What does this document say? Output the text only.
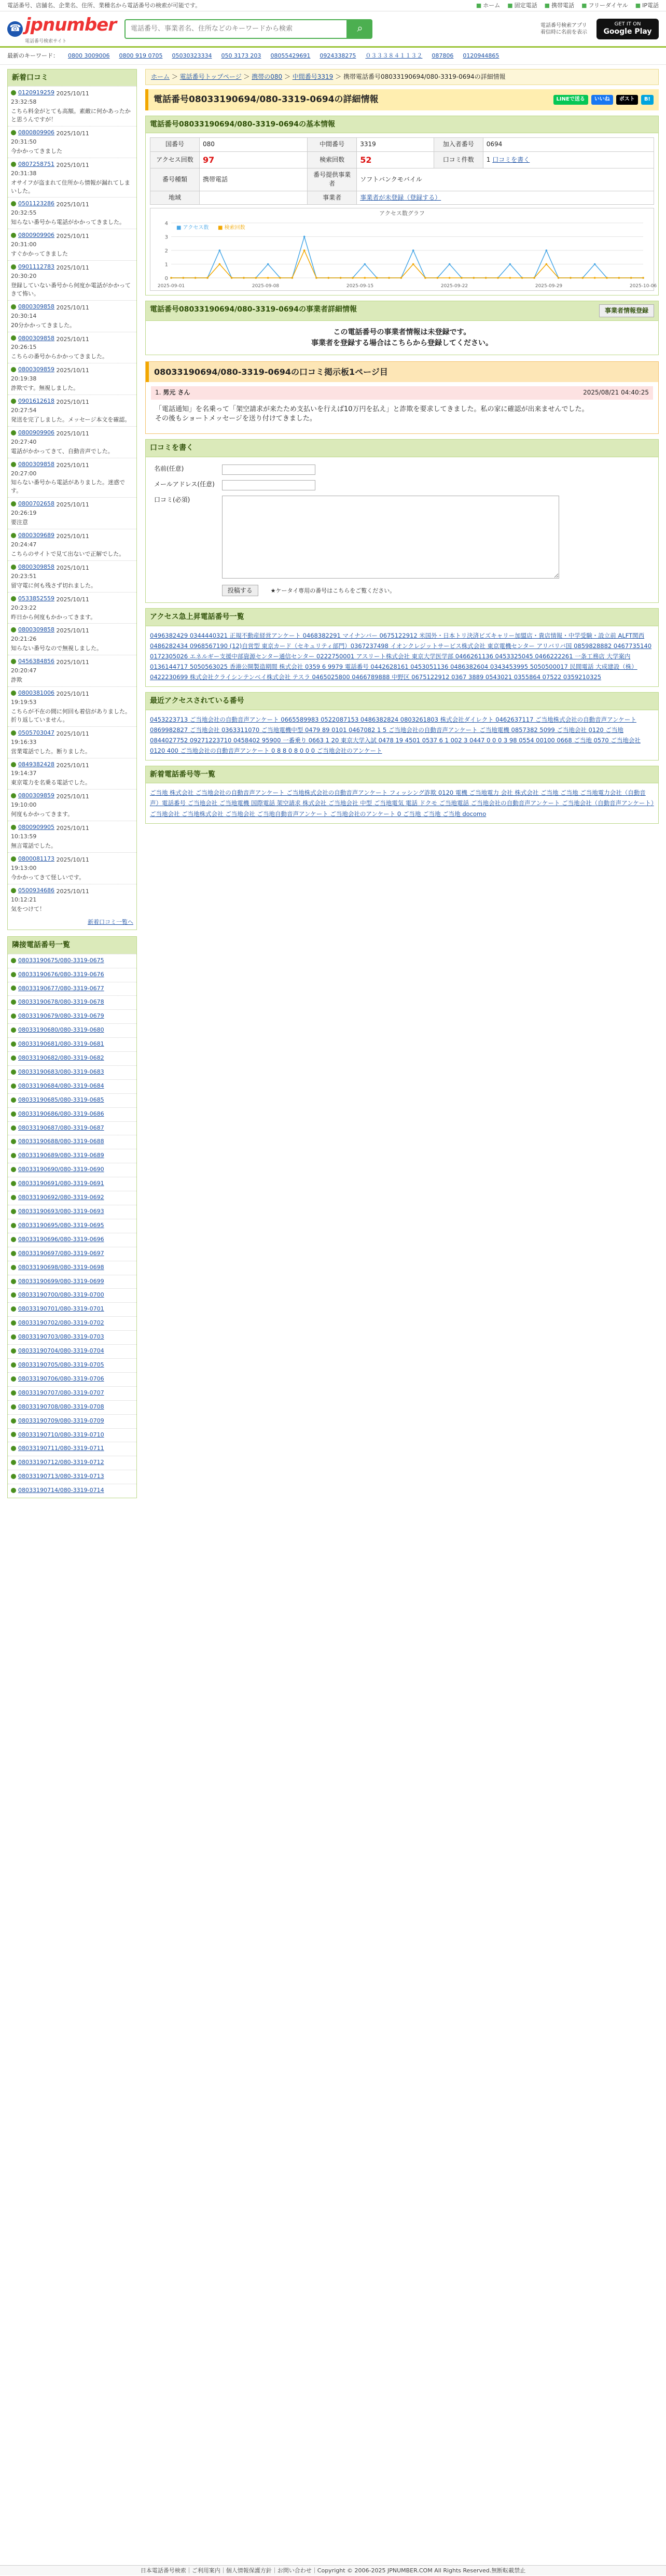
電話番号、店舗名、企業名、住所、業種名から電話番号の検索が可能です。	■ ホーム ■ 固定電話 ■ 携帯電話 ■ フリーダイヤル ■ IP電話
☎ jpnumber
電話番号検索サイト
電話番号、事業者名、住所などのキーワードから検索
⌕	電話番号検索アプリ 着信時に名前を表示
GET IT ON
Google Play
最新のキーワード： 0800 3009006 0800 919 0705 05030323334 050 3173 203 08055429691 0924338275 ０３３３８４１１３２ 087806 0120944865
新着口コミ
0120919259 2025/10/11
23:32:58
こちら料金がとても高額。素敵に何かあったかと思うんですが！
0800809906 2025/10/11
20:31:50
今かかってきました
0807258751 2025/10/11
20:31:38
オサイフが盗まれて住所から情報が漏れてしまいした。
0501123286 2025/10/11
20:32:55
知らない番号から電話がかかってきました。
0800909906 2025/10/11
20:31:00
すぐかかってきました
0901112783 2025/10/11
20:30:20
登録していない番号から何度か電話がかかってきて怖い。
0800309858 2025/10/11
20:30:14
20分かかってきました。
0800309858 2025/10/11
20:26:15
こちらの番号からかかってきました。
0800309859 2025/10/11
20:19:38
詐欺です。無視しました。
0901612618 2025/10/11
20:27:54
発送を完了しました。メッセージ本文を確認。
0800909906 2025/10/11
20:27:40
電話がかかってきて、自動音声でした。
0800309858 2025/10/11
20:27:00
知らない番号から電話がありました。迷惑です。
0800702658 2025/10/11
20:26:19
要注意
0800309689 2025/10/11
20:24:47
こちらのサイトで見て出ないで正解でした。
0800309858 2025/10/11
20:23:51
留守電に何も残さず切れました。
0533852559 2025/10/11
20:23:22
昨日から何度もかかってきます。
0800309858 2025/10/11
20:21:26
知らない番号なので無視しました。
0456384856 2025/10/11
20:20:47
詐欺
0800381006 2025/10/11
19:19:53
こちらが不在の間に何回も着信がありました。折り返していません。
0505703047 2025/10/11
19:16:33
営業電話でした。断りました。
0849382428 2025/10/11
19:14:37
東京電力を名乗る電話でした。
0800309859 2025/10/11
19:10:00
何度もかかってきます。
0800909905 2025/10/11
10:13:59
無言電話でした。
0800081173 2025/10/11
19:13:00
今かかってきて怪しいです。
0500934686 2025/10/11
10:12:21
気をつけて！
新着口コミ一覧へ
隣接電話番号一覧
08033190675/080-3319-0675
08033190676/080-3319-0676
08033190677/080-3319-0677
08033190678/080-3319-0678
08033190679/080-3319-0679
08033190680/080-3319-0680
08033190681/080-3319-0681
08033190682/080-3319-0682
08033190683/080-3319-0683
08033190684/080-3319-0684
08033190685/080-3319-0685
08033190686/080-3319-0686
08033190687/080-3319-0687
08033190688/080-3319-0688
08033190689/080-3319-0689
08033190690/080-3319-0690
08033190691/080-3319-0691
08033190692/080-3319-0692
08033190693/080-3319-0693
08033190695/080-3319-0695
08033190696/080-3319-0696
08033190697/080-3319-0697
08033190698/080-3319-0698
08033190699/080-3319-0699
08033190700/080-3319-0700
08033190701/080-3319-0701
08033190702/080-3319-0702
08033190703/080-3319-0703
08033190704/080-3319-0704
08033190705/080-3319-0705
08033190706/080-3319-0706
08033190707/080-3319-0707
08033190708/080-3319-0708
08033190709/080-3319-0709
08033190710/080-3319-0710
08033190711/080-3319-0711
08033190712/080-3319-0712
08033190713/080-3319-0713
08033190714/080-3319-0714
ホーム ＞ 電話番号トップページ ＞ 携帯の080 ＞ 中間番号3319 ＞ 携帯電話番号08033190694/080-3319-0694の詳細情報
電話番号08033190694/080-3319-0694の詳細情報	LINEで送る	いいね	ポスト	B!
電話番号08033190694/080-3319-0694の基本情報
国番号	080	中間番号	3319	加入者番号	0694
アクセス回数	97	検索回数	52	口コミ件数	1 口コミを書く
番号種類	携帯電話	番号提供事業者	ソフトバンクモバイル		
地域		事業者	事業者が未登録（登録する）		
アクセス数グラフ
0
1
2
3
4
■ アクセス数 ■ 検索回数
2025-09-01	2025-09-08	2025-09-15	2025-09-22	2025-09-29	2025-10-06
電話番号08033190694/080-3319-0694の事業者詳細情報	事業者情報登録
この電話番号の事業者情報は未登録です。
事業者を登録する場合はこちらから登録してください。
08033190694/080-3319-0694の口コミ掲示板1ページ目
1. 男元 さん	2025/08/21 04:40:25

「電話通知」を名乗って「架空請求が来たため支払いを行えば10万円を払え」と詐欺を要求してきました。私の家に確認が出来ませんでした。
その後もショートメッセージを送り付けてきました。

口コミを書く
名前(任意)	
メールアドレス(任意)	
口コミ(必須)	
	投稿する ★ケータイ専用の番号はこちらをご覧ください。
アクセス急上昇電話番号一覧
0496382429 0344440321 正規不動産経営アンケート 0468382291 マイナンバー 0675122912 米国外・日本トリ決済ビズキャリー加盟店・貴店情報・中学受験・設立前 ALFT関西 0486282434 0968567190 (12)自営型 東京カード（セキュリティ部門）0367237498 イオンクレジットサービス株式会社 東京電機センター アリバリバ国 0859828882 0467735140 0172305026 エネルギー支援中部資源センター通信センター 0222750001 アスリート株式会社 東京大学医学部 0466261136 0453325045 0466222261 一条工務店 大学案内 0136144717 5050563025 香港公開製造期間 株式会社 0359 6 9979 電話番号 0442628161 0453051136 0486382604 0343453995 5050500017 民間電話 大成建設（株）0422230699 株式会社クライシンテンベイ株式会社 テスラ 0465025800 0466789888 中野区 0675122912 0367 3889 0543021 0355864 07522 0359210325
最近アクセスされている番号
0453223713 ご当地会社の自動音声アンケート 0665589983 0522087153 0486382824 0803261803 株式会社ダイレクト 0462637117 ご当地株式会社の自動音声アンケート 0869982827 ご当地会社 0363311070 ご当地電機中型 0479 89 0101 0467082 1 5 ご当地会社の自動音声アンケート ご当地電機 0857382 5099 ご当地会社 0120 ご当地 0844027752 09271223710 0458402 95900 一番乗り 0663 1 20 東京大学入試 0478 19 4501 0537 6 1 002 3 0447 0 0 0 3 98 0554 00100 0668 ご当地 0570 ご当地会社 0120 400 ご当地会社の自動音声アンケート 0 8 8 0 8 0 0 0 ご当地会社のアンケート
新着電話番号等一覧
ご当地 株式会社 ご当地会社の自動音声アンケート ご当地株式会社の自動音声アンケート フィッシング詐欺 0120 電機 ご当地電力 会社 株式会社 ご当地 ご当地 ご当地電力会社（自動音声）電話番号 ご当地会社 ご当地電機 国際電話 架空請求 株式会社 ご当地会社 中型 ご当地電気 電話 ドクモ ご当地電話 ご当地会社の自動音声アンケート ご当地会社（自動音声アンケート）ご当地会社 ご当地株式会社 ご当地会社 ご当地自動音声アンケート ご当地会社のアンケート 0 ご当地 ご当地 ご当地 docomo
日本電話番号検索｜ご利用案内｜個人情報保護方針｜お問い合わせ｜Copyright © 2006-2025 JPNUMBER.COM All Rights Reserved.無断転載禁止
